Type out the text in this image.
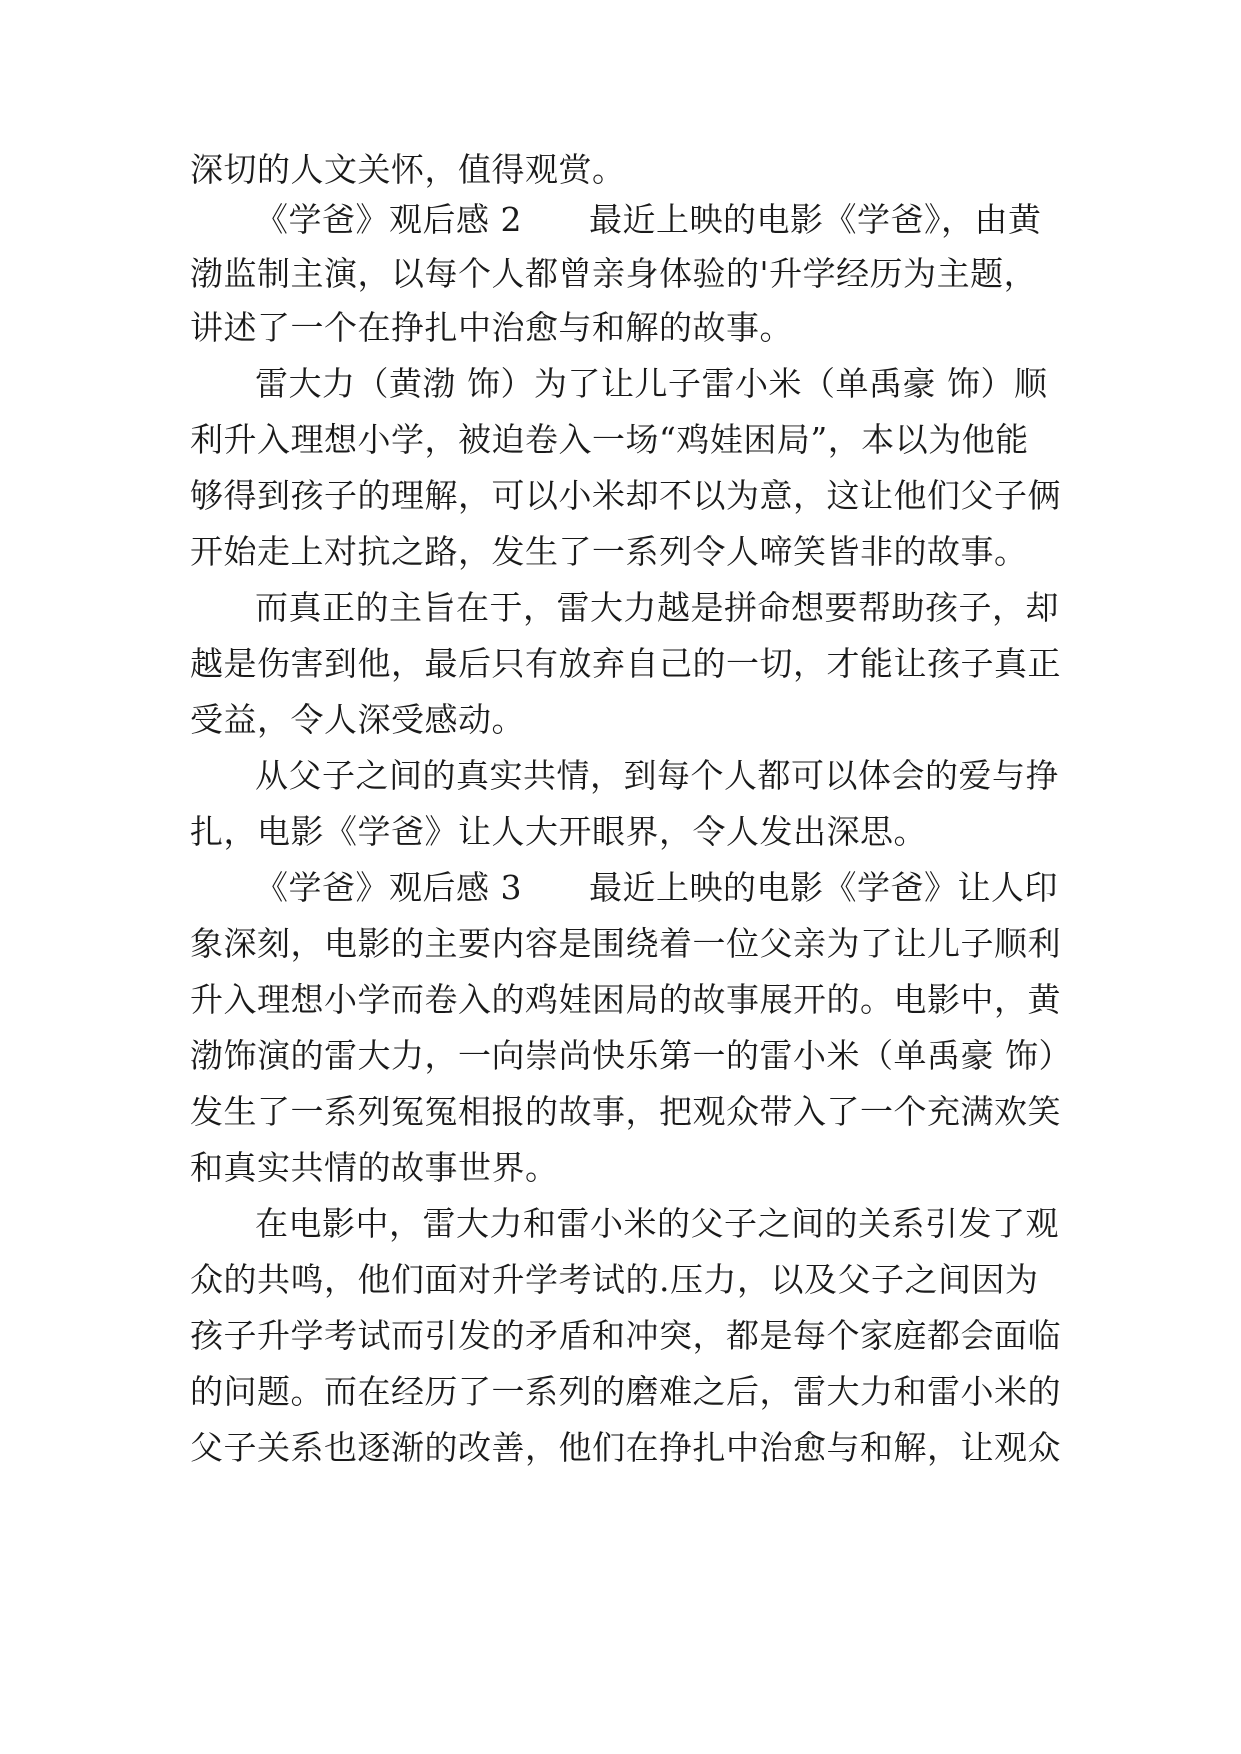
深切的人文关怀，值得观赏。

《学爸》观后感 2　　最近上映的电影《学爸》，由黄

渤监制主演，以每个人都曾亲身体验的'升学经历为主题，

讲述了一个在挣扎中治愈与和解的故事。

雷大力（黄渤 饰）为了让儿子雷小米（单禹豪 饰）顺

利升入理想小学，被迫卷入一场“鸡娃困局”，本以为他能

够得到孩子的理解，可以小米却不以为意，这让他们父子俩

开始走上对抗之路，发生了一系列令人啼笑皆非的故事。

而真正的主旨在于，雷大力越是拼命想要帮助孩子，却

越是伤害到他，最后只有放弃自己的一切，才能让孩子真正

受益，令人深受感动。

从父子之间的真实共情，到每个人都可以体会的爱与挣

扎，电影《学爸》让人大开眼界，令人发出深思。

《学爸》观后感 3　　最近上映的电影《学爸》让人印

象深刻，电影的主要内容是围绕着一位父亲为了让儿子顺利

升入理想小学而卷入的鸡娃困局的故事展开的。电影中，黄

渤饰演的雷大力，一向崇尚快乐第一的雷小米（单禹豪 饰）

发生了一系列冤冤相报的故事，把观众带入了一个充满欢笑

和真实共情的故事世界。

在电影中，雷大力和雷小米的父子之间的关系引发了观

众的共鸣，他们面对升学考试的.压力，以及父子之间因为

孩子升学考试而引发的矛盾和冲突，都是每个家庭都会面临

的问题。而在经历了一系列的磨难之后，雷大力和雷小米的

父子关系也逐渐的改善，他们在挣扎中治愈与和解，让观众
